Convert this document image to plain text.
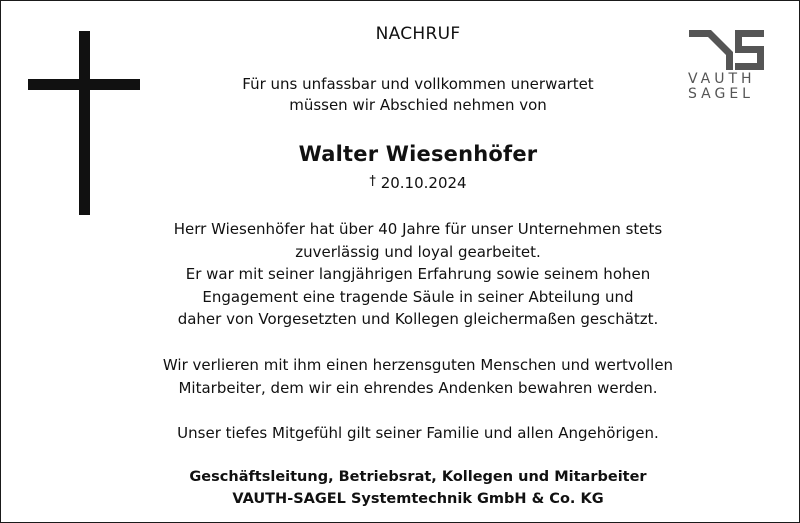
VAUTH
SAGEL
NACHRUF
Für uns unfassbar und vollkommen unerwartet
müssen wir Abschied nehmen von
Walter Wiesenhöfer
† 20.10.2024
Herr Wiesenhöfer hat über 40 Jahre für unser Unternehmen stets
zuverlässig und loyal gearbeitet.
Er war mit seiner langjährigen Erfahrung sowie seinem hohen
Engagement eine tragende Säule in seiner Abteilung und
daher von Vorgesetzten und Kollegen gleichermaßen geschätzt.
Wir verlieren mit ihm einen herzensguten Menschen und wertvollen
Mitarbeiter, dem wir ein ehrendes Andenken bewahren werden.
Unser tiefes Mitgefühl gilt seiner Familie und allen Angehörigen.
Geschäftsleitung, Betriebsrat, Kollegen und Mitarbeiter
VAUTH-SAGEL Systemtechnik GmbH & Co. KG
